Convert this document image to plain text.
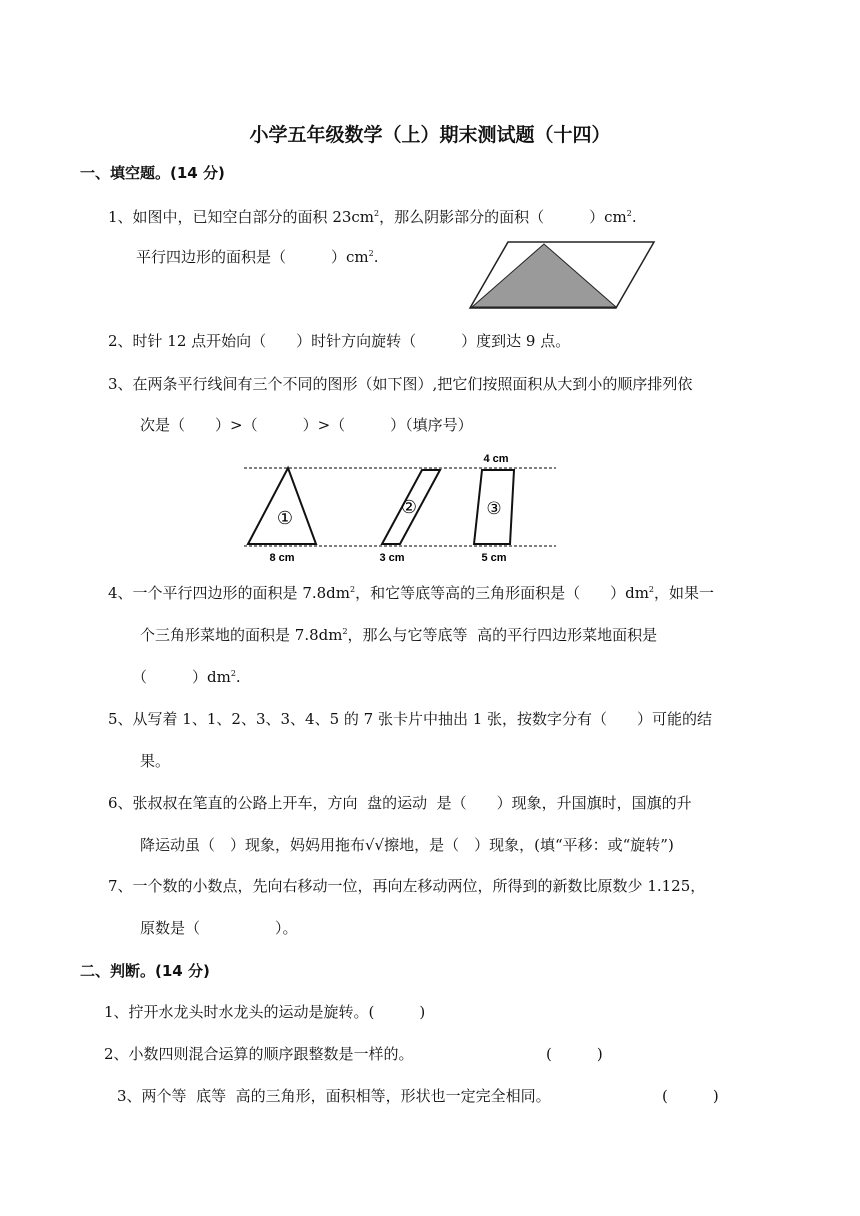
小学五年级数学（上）期末测试题（十四）
一、填空题。(14 分)
1、如图中，已知空白部分的面积 $23cm^2$，那么阴影部分的面积（　　　）$cm^2$.
平行四边形的面积是（　　　）$cm^2$.
2、时针 12 点开始向（　　）时针方向旋转（　　　）度到达 9 点。
3、在两条平行线间有三个不同的图形（如下图）,把它们按照面积从大到小的顺序排列依
次是（　　）>（　　　）>（　　　）（填序号）
①
②	③
4 cm
8 cm	3 cm	5 cm
4、一个平行四边形的面积是 $7.8dm^2$，和它等底等高的三角形面积是（　　）$dm^2$，如果一
个三角形菜地的面积是 $7.8dm^2$，那么与它等底等  高的平行四边形菜地面积是
（　　　）$dm^2$.
5、从写着 1、1、2、3、3、4、5 的 7 张卡片中抽出 1 张，按数字分有（　　）可能的结
果。
6、张叔叔在笔直的公路上开车，方向  盘的运动  是（　　）现象，升国旗时，国旗的升
降运动虽（　）现象，妈妈用拖布√√擦地，是（　）现象，(填“平移：或“旋转”)
7、一个数的小数点，先向右移动一位，再向左移动两位，所得到的新数比原数少 1.125，
原数是（　　　　　）。
二、判断。(14 分)
1、拧开水龙头时水龙头的运动是旋转。(　　　)
2、小数四则混合运算的顺序跟整数是一样的。	(　　　)
3、两个等  底等  高的三角形，面积相等，形状也一定完全相同。	(　　　)
